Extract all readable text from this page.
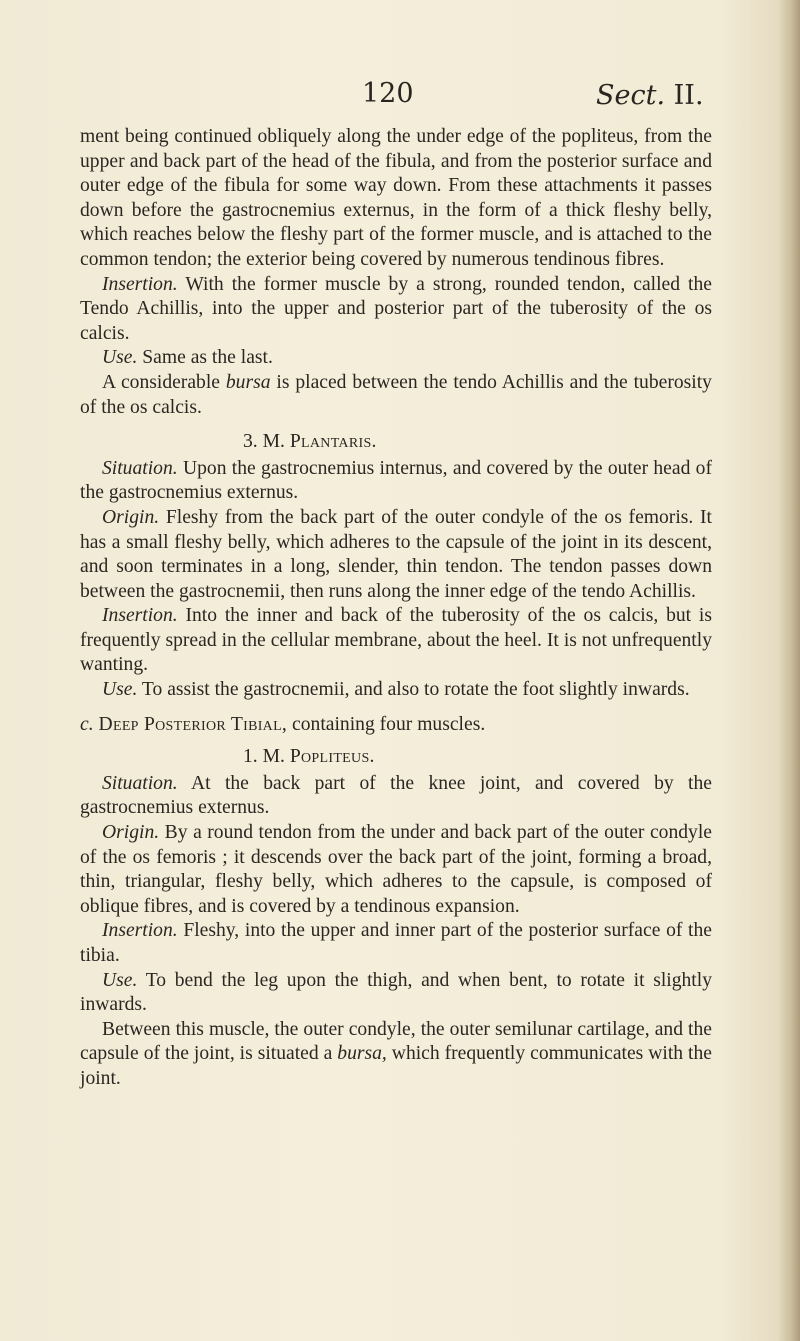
120	Sect. II.

ment being continued obliquely along the under edge of the popliteus, from the upper and back part of the head of the fibula, and from the posterior surface and outer edge of the fibula for some way down. From these attachments it passes down before the gastrocnemius externus, in the form of a thick fleshy belly, which reaches below the fleshy part of the former muscle, and is attached to the common tendon; the exterior being covered by numerous tendinous fibres.

Insertion. With the former muscle by a strong, rounded tendon, called the Tendo Achillis, into the upper and posterior part of the tuberosity of the os calcis.

Use. Same as the last.

A considerable bursa is placed between the tendo Achillis and the tuberosity of the os calcis.

3. M. Plantaris.

Situation. Upon the gastrocnemius internus, and covered by the outer head of the gastrocnemius externus.

Origin. Fleshy from the back part of the outer condyle of the os femoris. It has a small fleshy belly, which adheres to the capsule of the joint in its descent, and soon terminates in a long, slender, thin tendon. The tendon passes down between the gastrocnemii, then runs along the inner edge of the tendo Achillis.

Insertion. Into the inner and back of the tuberosity of the os calcis, but is frequently spread in the cellular membrane, about the heel. It is not unfrequently wanting.

Use. To assist the gastrocnemii, and also to rotate the foot slightly inwards.

c. Deep Posterior Tibial, containing four muscles.

1. M. Popliteus.

Situation. At the back part of the knee joint, and covered by the gastrocnemius externus.

Origin. By a round tendon from the under and back part of the outer condyle of the os femoris ; it descends over the back part of the joint, forming a broad, thin, triangular, fleshy belly, which adheres to the capsule, is composed of oblique fibres, and is covered by a tendinous expansion.

Insertion. Fleshy, into the upper and inner part of the posterior surface of the tibia.

Use. To bend the leg upon the thigh, and when bent, to rotate it slightly inwards.

Between this muscle, the outer condyle, the outer semilunar cartilage, and the capsule of the joint, is situated a bursa, which frequently communicates with the joint.
